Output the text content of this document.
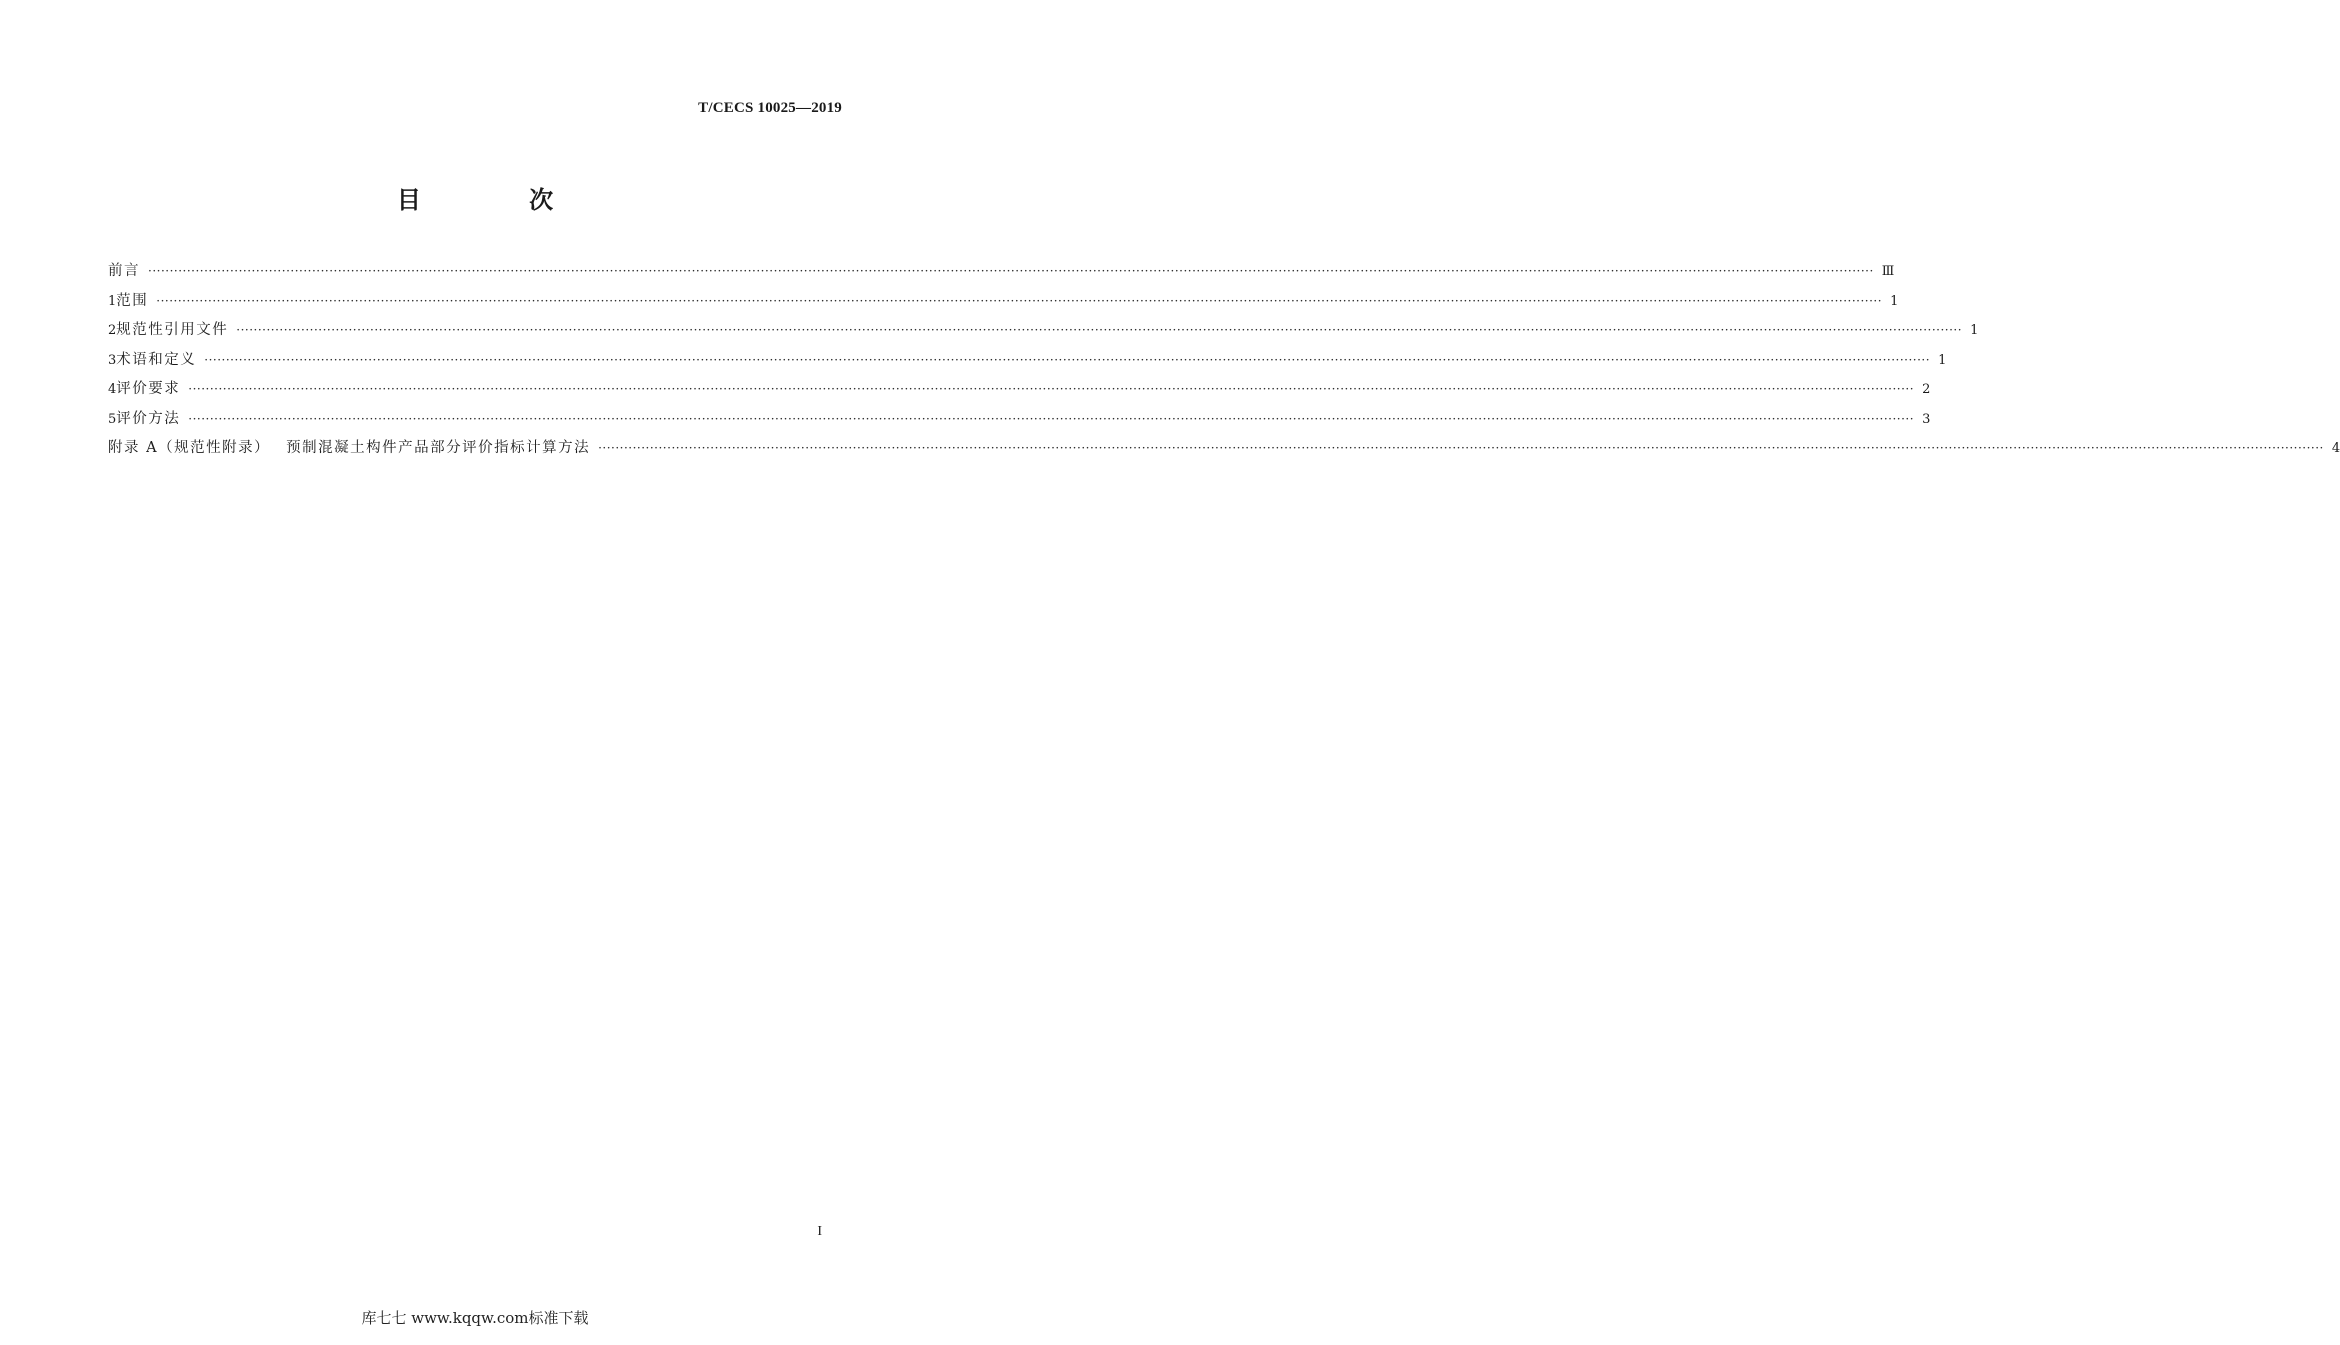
T/CECS 10025—2019
目 次
前言 ················································································································································································································································································································································································································ Ⅲ
1 范围 ················································································································································································································································································································································································································ 1
2 规范性引用文件 ················································································································································································································································································································································································································ 1
3 术语和定义 ················································································································································································································································································································································································································ 1
4 评价要求 ················································································································································································································································································································································································································ 2
5 评价方法 ················································································································································································································································································································································································································ 3
附录 A（规范性附录） 预制混凝土构件产品部分评价指标计算方法 ················································································································································································································································································································································································································ 4
I
库七七 www.kqqw.com标准下载
